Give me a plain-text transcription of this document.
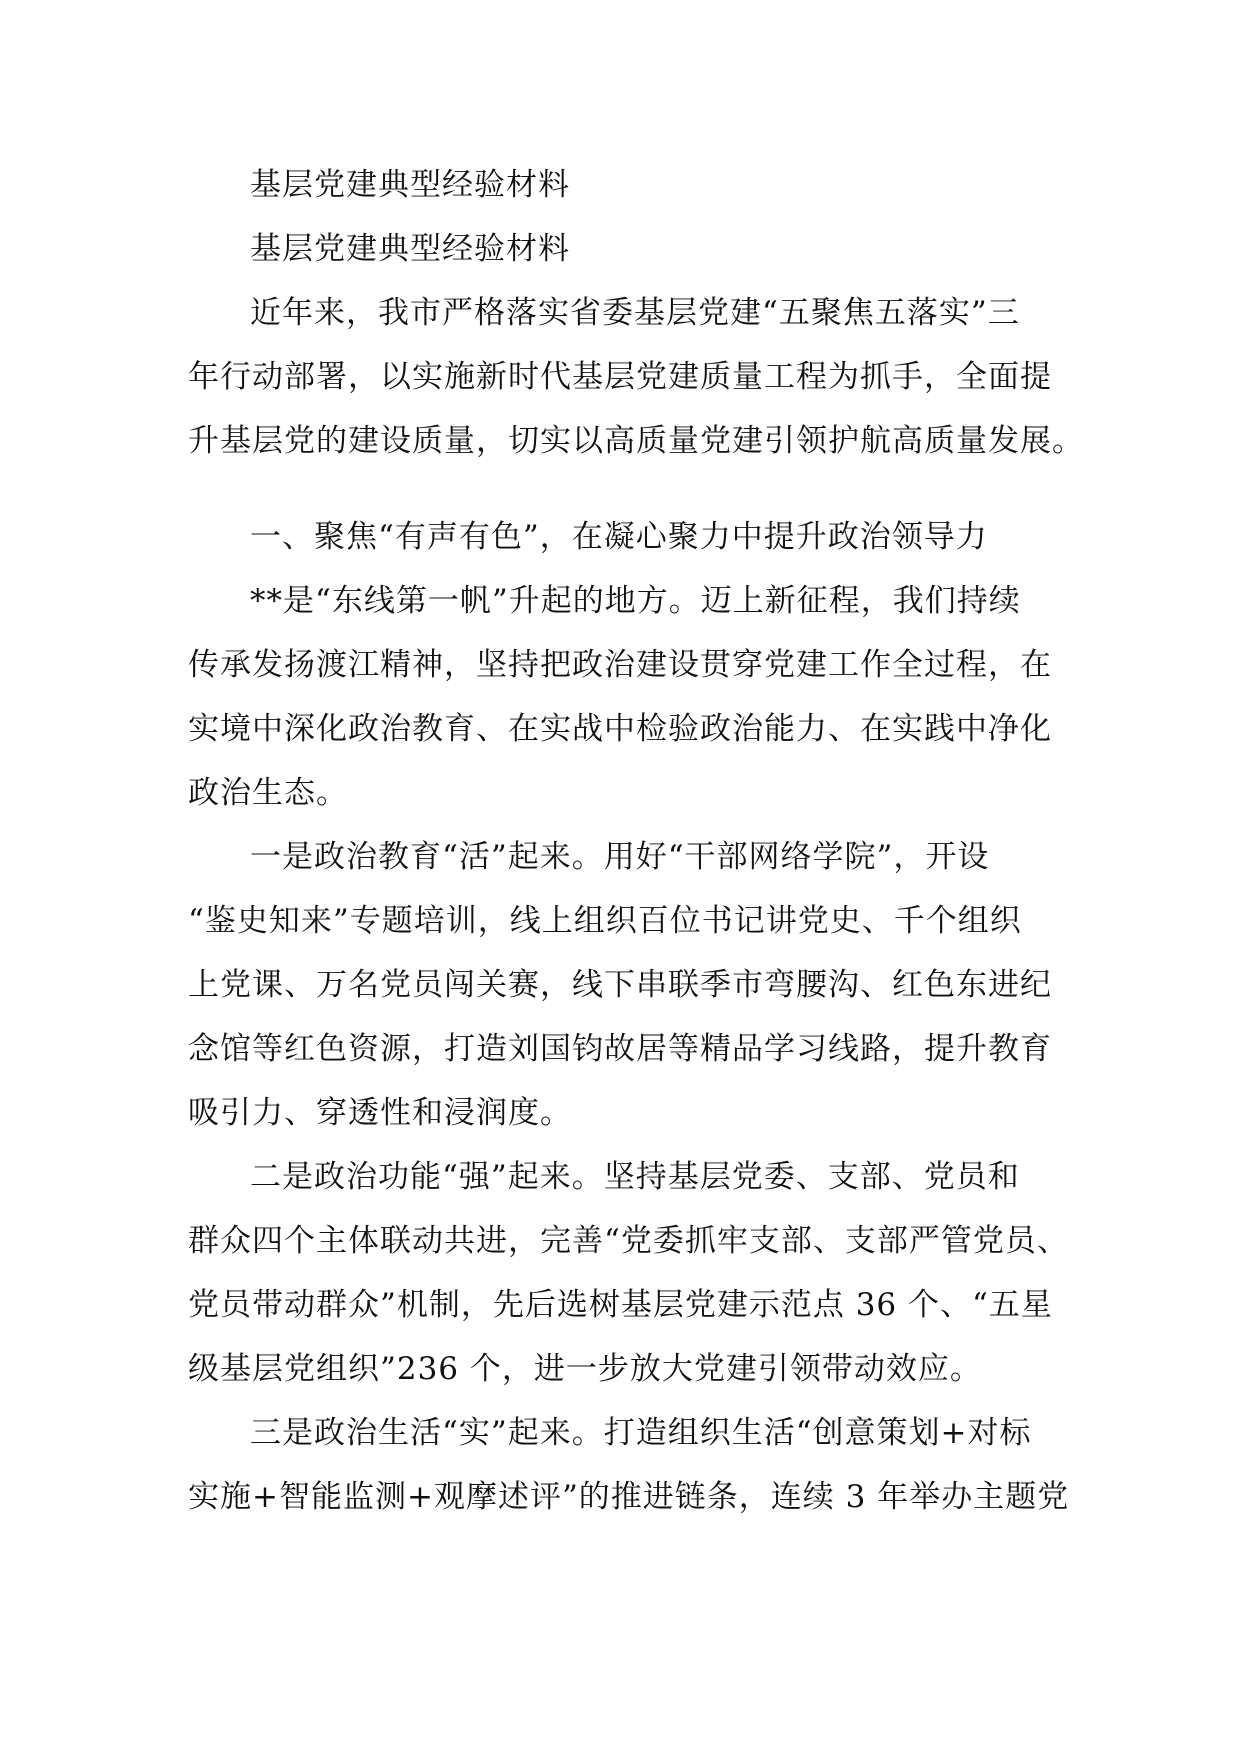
基层党建典型经验材料
基层党建典型经验材料
近年来，我市严格落实省委基层党建“五聚焦五落实”三
年行动部署，以实施新时代基层党建质量工程为抓手，全面提
升基层党的建设质量，切实以高质量党建引领护航高质量发展。
一、聚焦“有声有色”，在凝心聚力中提升政治领导力
**是“东线第一帆”升起的地方。迈上新征程，我们持续
传承发扬渡江精神，坚持把政治建设贯穿党建工作全过程，在
实境中深化政治教育、在实战中检验政治能力、在实践中净化
政治生态。
一是政治教育“活”起来。用好“干部网络学院”，开设
“鉴史知来”专题培训，线上组织百位书记讲党史、千个组织
上党课、万名党员闯关赛，线下串联季市弯腰沟、红色东进纪
念馆等红色资源，打造刘国钧故居等精品学习线路，提升教育
吸引力、穿透性和浸润度。
二是政治功能“强”起来。坚持基层党委、支部、党员和
群众四个主体联动共进，完善“党委抓牢支部、支部严管党员、
党员带动群众”机制，先后选树基层党建示范点 36 个、“五星
级基层党组织”236 个，进一步放大党建引领带动效应。
三是政治生活“实”起来。打造组织生活“创意策划+对标
实施+智能监测+观摩述评”的推进链条，连续 3 年举办主题党
